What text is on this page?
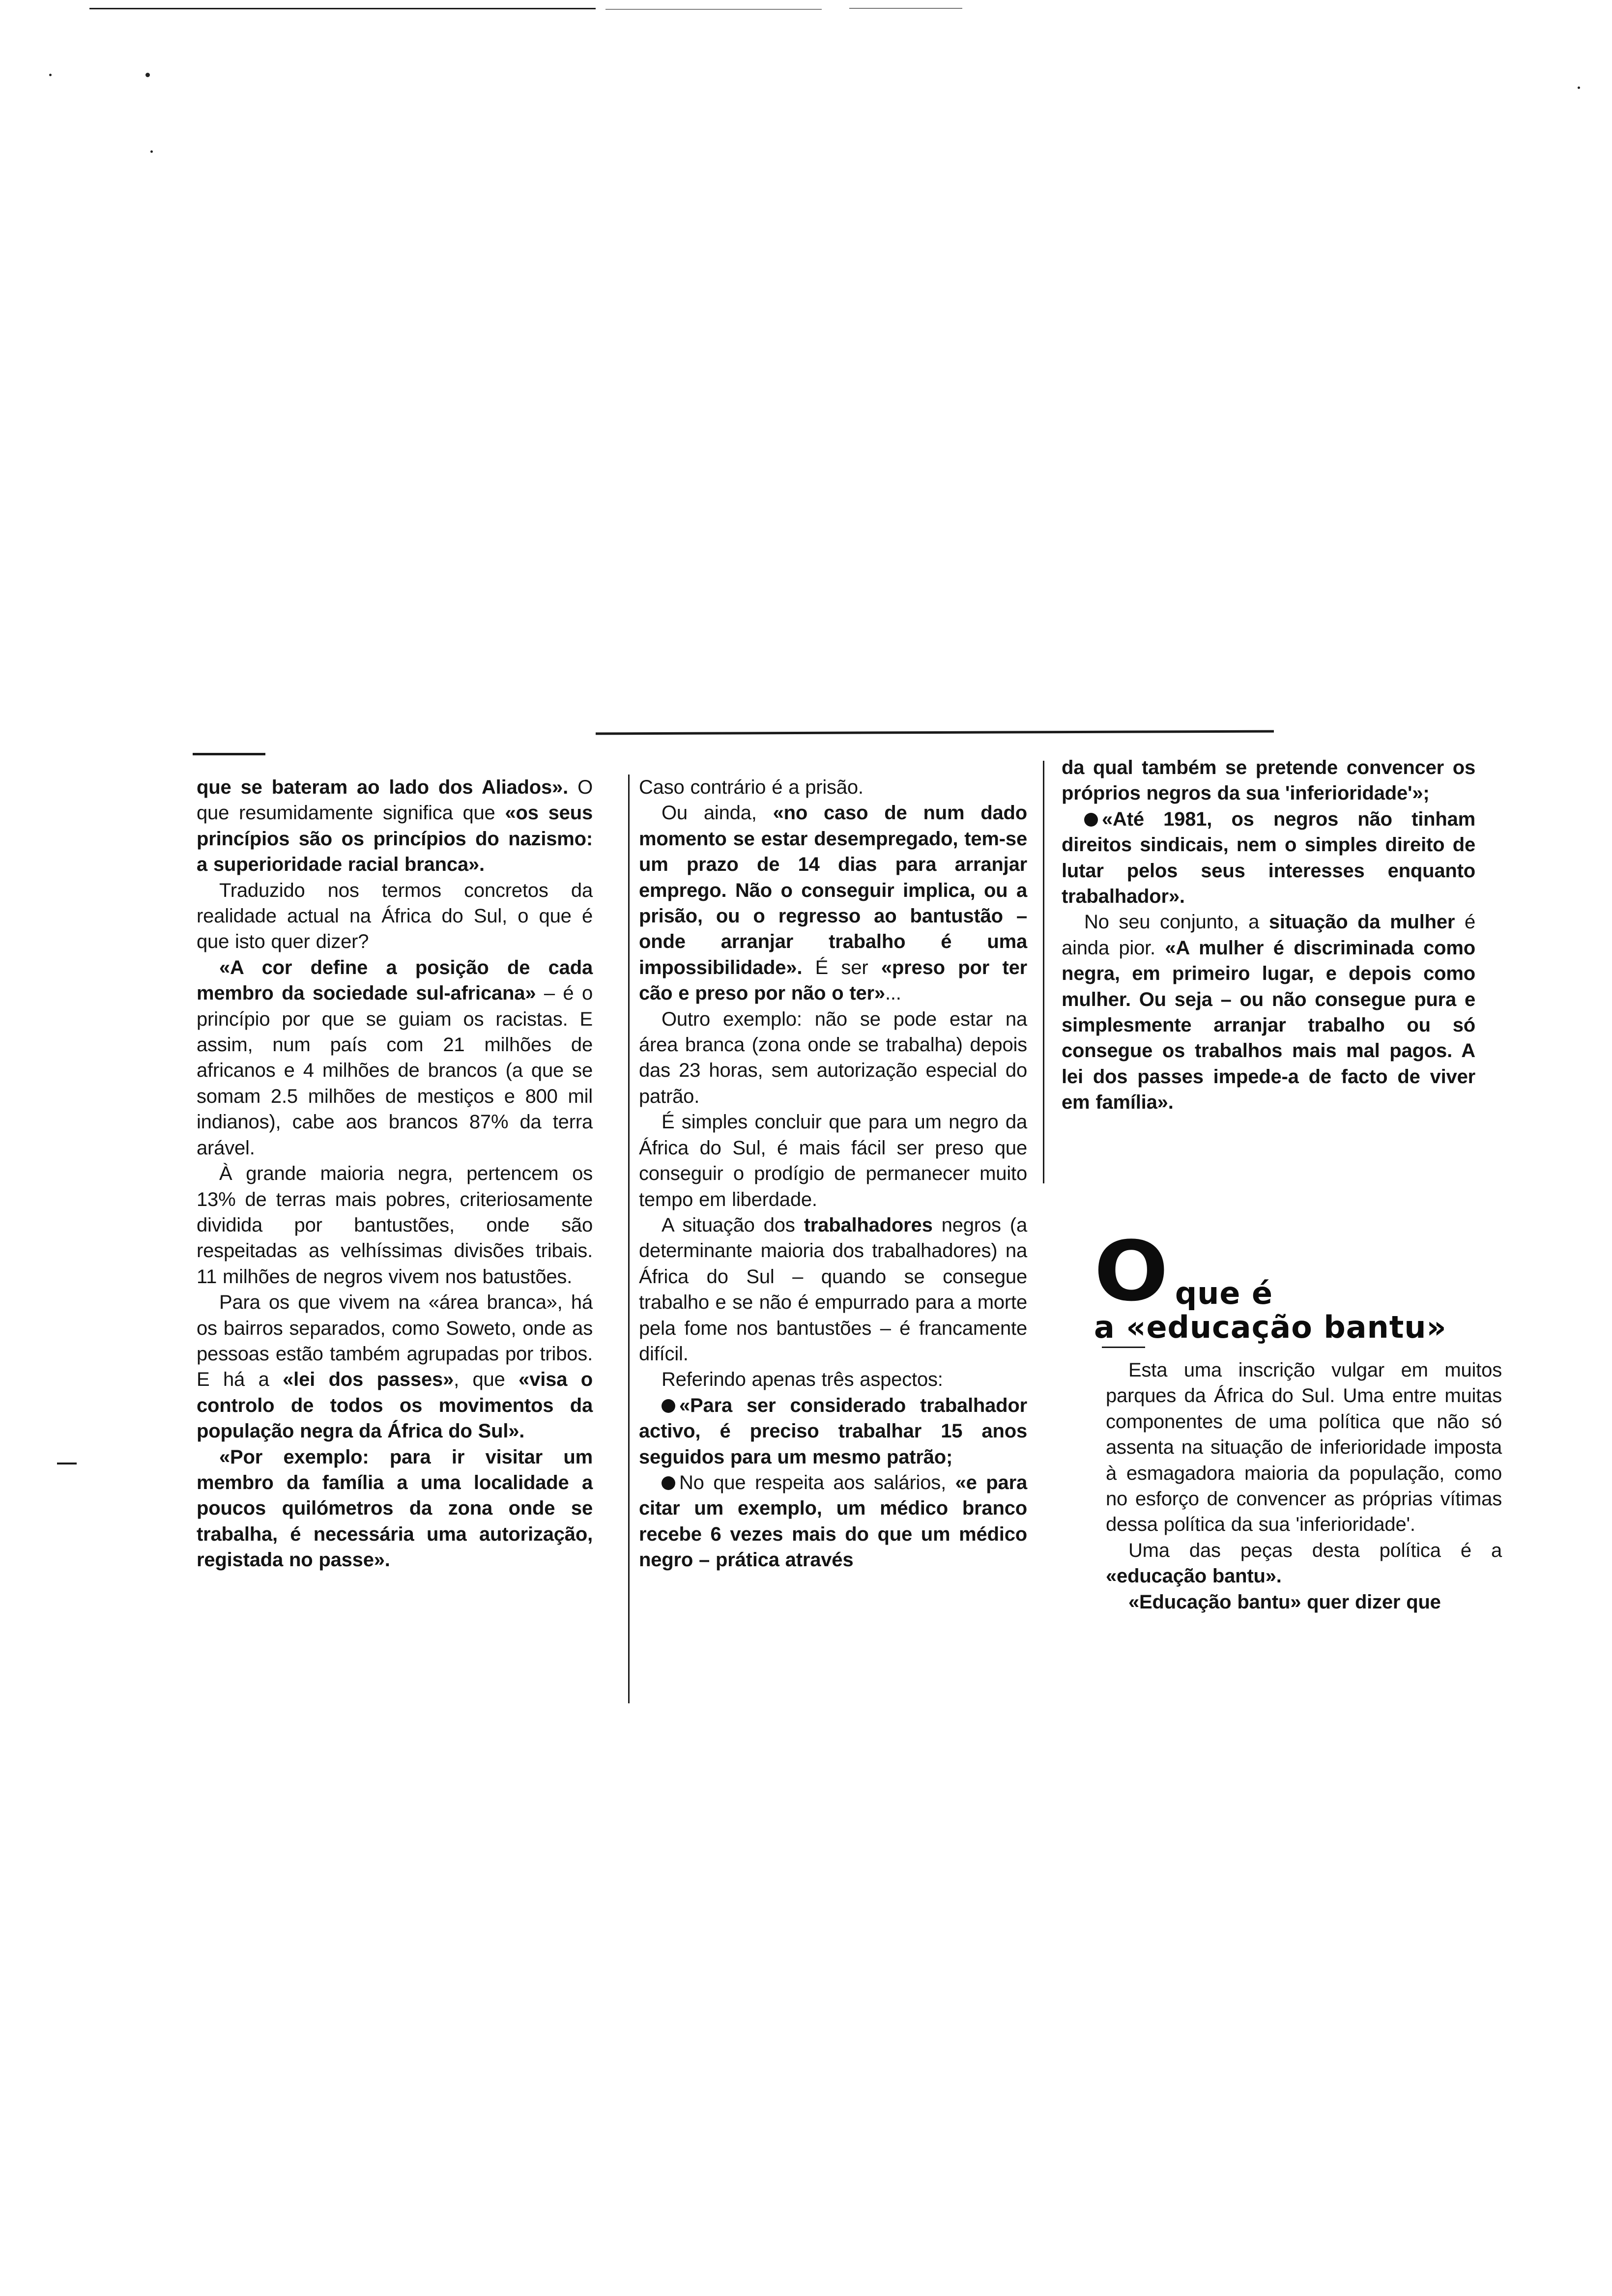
que se bateram ao lado dos Aliados». O que resumidamente significa que «os seus princípios são os princípios do nazismo: a superioridade racial branca».

Traduzido nos termos concretos da realidade actual na África do Sul, o que é que isto quer dizer?

«A cor define a posição de cada membro da sociedade sul-africana» – é o princípio por que se guiam os racistas. E assim, num país com 21 milhões de africanos e 4 milhões de brancos (a que se somam 2.5 milhões de mestiços e 800 mil indianos), cabe aos brancos 87% da terra arável.

À grande maioria negra, pertencem os 13% de terras mais pobres, criteriosamente dividida por bantustões, onde são respeitadas as velhíssimas divisões tribais. 11 milhões de negros vivem nos batustões.

Para os que vivem na «área branca», há os bairros separados, como Soweto, onde as pessoas estão também agrupadas por tribos. E há a «lei dos passes», que «visa o controlo de todos os movimentos da população negra da África do Sul».

«Por exemplo: para ir visitar um membro da família a uma localidade a poucos quilómetros da zona onde se trabalha, é necessária uma autorização, registada no passe».

Caso contrário é a prisão.

Ou ainda, «no caso de num dado momento se estar desempregado, tem-se um prazo de 14 dias para arranjar emprego. Não o conseguir implica, ou a prisão, ou o regresso ao bantustão – onde arranjar trabalho é uma impossibilidade». É ser «preso por ter cão e preso por não o ter»...

Outro exemplo: não se pode estar na área branca (zona onde se trabalha) depois das 23 horas, sem autorização especial do patrão.

É simples concluir que para um negro da África do Sul, é mais fácil ser preso que conseguir o prodígio de permanecer muito tempo em liberdade.

A situação dos trabalhadores negros (a determinante maioria dos trabalhadores) na África do Sul – quando se consegue trabalho e se não é empurrado para a morte pela fome nos bantustões – é francamente difícil.

Referindo apenas três aspectos:

«Para ser considerado trabalhador activo, é preciso trabalhar 15 anos seguidos para um mesmo patrão;

No que respeita aos salários, «e para citar um exemplo, um médico branco recebe 6 vezes mais do que um médico negro – prática através

da qual também se pretende convencer os próprios negros da sua 'inferioridade'»;

«Até 1981, os negros não tinham direitos sindicais, nem o simples direito de lutar pelos seus interesses enquanto trabalhador».

No seu conjunto, a situação da mulher é ainda pior. «A mulher é discriminada como negra, em primeiro lugar, e depois como mulher. Ou seja – ou não consegue pura e simplesmente arranjar trabalho ou só consegue os trabalhos mais mal pagos. A lei dos passes impede-a de facto de viver em família».

Oque é
a «educação bantu»

Esta uma inscrição vulgar em muitos parques da África do Sul. Uma entre muitas componentes de uma política que não só assenta na situação de inferioridade imposta à esmagadora maioria da população, como no esforço de convencer as próprias vítimas dessa política da sua 'inferioridade'.

Uma das peças desta política é a «educação bantu».

«Educação bantu» quer dizer que
